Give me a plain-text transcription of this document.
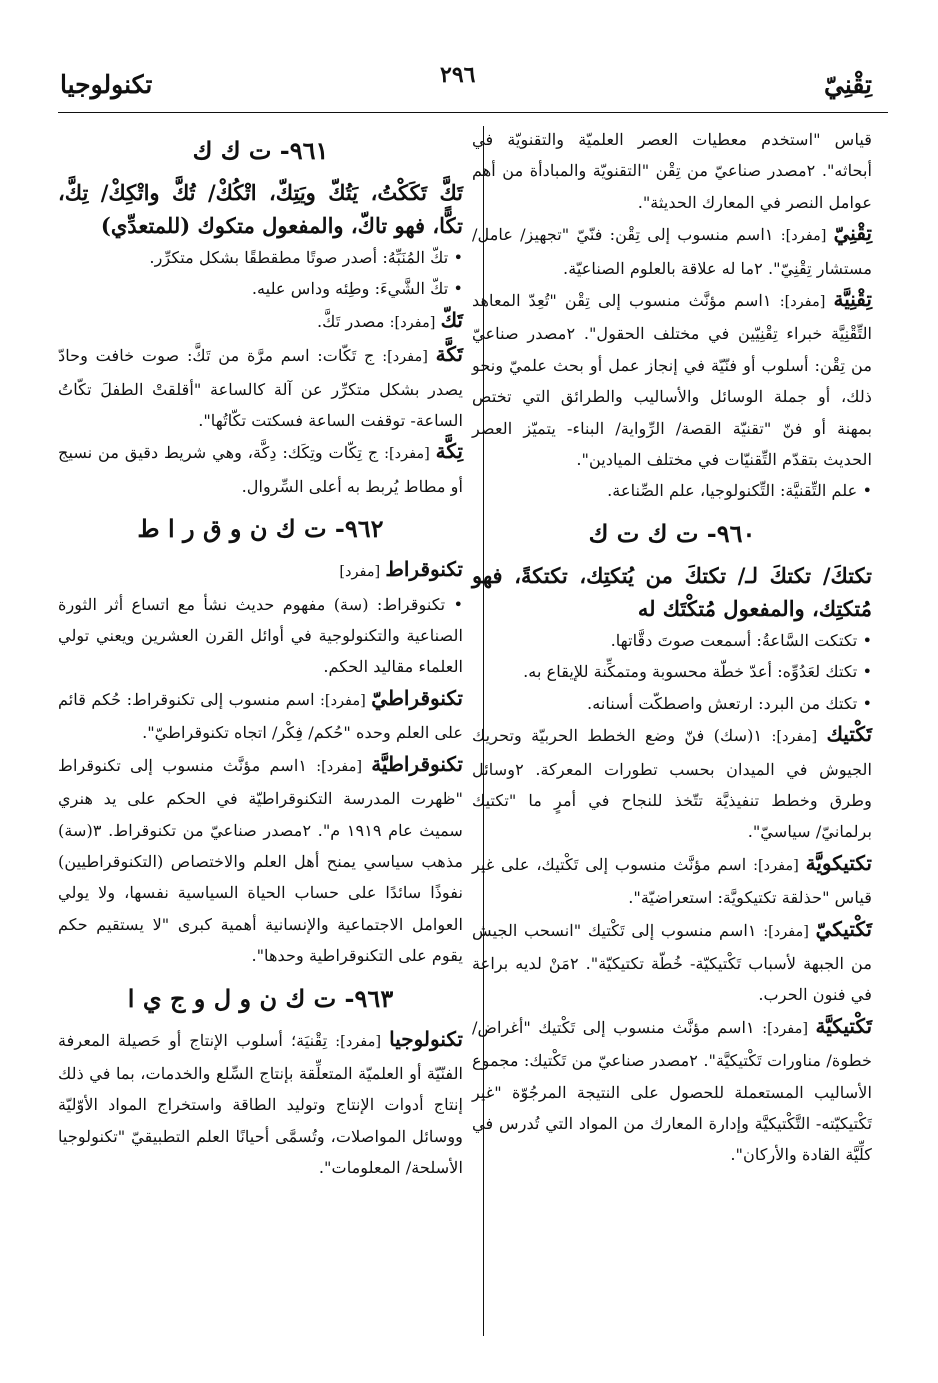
تِقْنِيّ
٢٩٦
تكنولوجيا

قياس "استخدم معطيات العصر العلميّة والتقنويّة في أبحاثه". ٢مصدر صناعيّ من تِقْن "التقنويّة والمبادأة من أهم عوامل النصر في المعارك الحديثة".

تِقْنِيّ [مفرد]: ١اسم منسوب إلى تِقْن: فنّيّ "تجهيز/ عامل/ مستشار تِقْنِيّ". ٢ما له علاقة بالعلوم الصناعيّة.

تِقْنِيَّة [مفرد]: ١اسم مؤنَّث منسوب إلى تِقْن "تُعِدّ المعاهد التِّقْنِيَّة خبراء تِقْنِيّين في مختلف الحقول". ٢مصدر صناعيّ من تِقْن: أسلوب أو فنّيّة في إنجاز عمل أو بحث علميّ ونحو ذلك، أو جملة الوسائل والأساليب والطرائق التي تختص بمهنة أو فنّ "تقنيّة القصة/ الرِّواية/ البناء- يتميّز العصر الحديث بتقدّم التِّقنيّات في مختلف الميادين".

• علم التِّقنيَّة: التِّكنولوجيا، علم الصِّناعة.

٩٦٠- ت ك ت ك

تكتكَ/ تكتكَ لـ/ تكتكَ من يُتكتِك، تكتكةً، فهو مُتكتِك، والمفعول مُتكْتَك له

• تكتكت السَّاعةُ: أسمعت صوتَ دقَّاتها.

• تكتك لعَدُوِّه: أعدّ خطّة محسوبة ومتمكِّنة للإيقاع به.

• تكتك من البرد: ارتعش واصطكّت أسنانه.

تَكْتيك [مفرد]: ١(سك) فنّ وضع الخطط الحربيّة وتحريك الجيوش في الميدان بحسب تطورات المعركة. ٢وسائل وطرق وخطط تنفيذيَّة تتّخذ للنجاح في أمرٍ ما "تكتيك برلمانيّ/ سياسيّ".

تكتيكويَّة [مفرد]: اسم مؤنَّث منسوب إلى تَكْتيك، على غير قياس "حذلقة تكتيكويَّة: استعراضيّة".

تَكْتيكيّ [مفرد]: ١اسم منسوب إلى تَكْتيك "انسحب الجيش من الجبهة لأسباب تَكْتيكيّة- خُطّة تكتيكيّة". ٢مَنْ لديه براعة في فنون الحرب.

تَكْتيكيَّة [مفرد]: ١اسم مؤنَّث منسوب إلى تَكْتيك "أغراض/ خطوة/ مناورات تَكْتيكيَّة". ٢مصدر صناعيّ من تَكْتيك: مجموع الأساليب المستعملة للحصول على النتيجة المرجُوّة "غير تَكْتيكيّته- التَّكْتيكيَّة وإدارة المعارك من المواد التي تُدرس في كلِّيَّة القادة والأركان".

٩٦١- ت ك ك

تَكَّ تَكَكْتُ، يَتُكّ ويَتِكّ، اتْكُكْ/ تُكَّ واتْكِكْ/ تِكَّ، تكًّا، فهو تاكّ، والمفعول متكوك (للمتعدِّي)

• تكّ المُنَبِّهُ: أصدر صوتًا مطقطقًا بشكل متكرِّر.

• تكّ الشَّيءَ: وطِئه وداس عليه.

تَكّ [مفرد]: مصدر تَكَّ.

تَكَّة [مفرد]: ج تَكّات: اسم مرَّة من تَكَّ: صوت خافت وحادّ يصدر بشكل متكرِّر عن آلة كالساعة "أقلقتْ الطفلَ تكّاتُ الساعة- توقفت الساعة فسكتت تكّاتُها".

تِكَّة [مفرد]: ج تِكّات وتِكَك: دِكَّة، وهي شريط دقيق من نسيج أو مطاط يُربط به أعلى السِّروال.

٩٦٢- ت ك ن و ق ر ا ط

تكنوقراط [مفرد]

• تكنوقراط: (سة) مفهوم حديث نشأ مع اتساع أثر الثورة الصناعية والتكنولوجية في أوائل القرن العشرين ويعني تولي العلماء مقاليد الحكم.

تكنوقراطيّ [مفرد]: اسم منسوب إلى تكنوقراط: حُكم قائم على العلم وحده "حُكم/ فِكْر/ اتجاه تكنوقراطيّ".

تكنوقراطيَّة [مفرد]: ١اسم مؤنَّث منسوب إلى تكنوقراط "ظهرت المدرسة التكنوقراطيّة في الحكم على يد هنري سميث عام ١٩١٩ م". ٢مصدر صناعيّ من تكنوقراط. ٣(سة) مذهب سياسي يمنح أهل العلم والاختصاص (التكنوقراطيين) نفوذًا سائدًا على حساب الحياة السياسية نفسها، ولا يولي العوامل الاجتماعية والإنسانية أهمية كبرى "لا يستقيم حكم يقوم على التكنوقراطية وحدها".

٩٦٣- ت ك ن و ل و ج ي ا

تكنولوجيا [مفرد]: تِقْنيَة؛ أسلوب الإنتاج أو حَصيلة المعرفة الفنّيّة أو العلميّة المتعلِّقة بإنتاج السِّلع والخدمات، بما في ذلك إنتاج أدوات الإنتاج وتوليد الطاقة واستخراج المواد الأوّليّة ووسائل المواصلات، وتُسمَّى أحيانًا العلم التطبيقيّ "تكنولوجيا الأسلحة/ المعلومات".
